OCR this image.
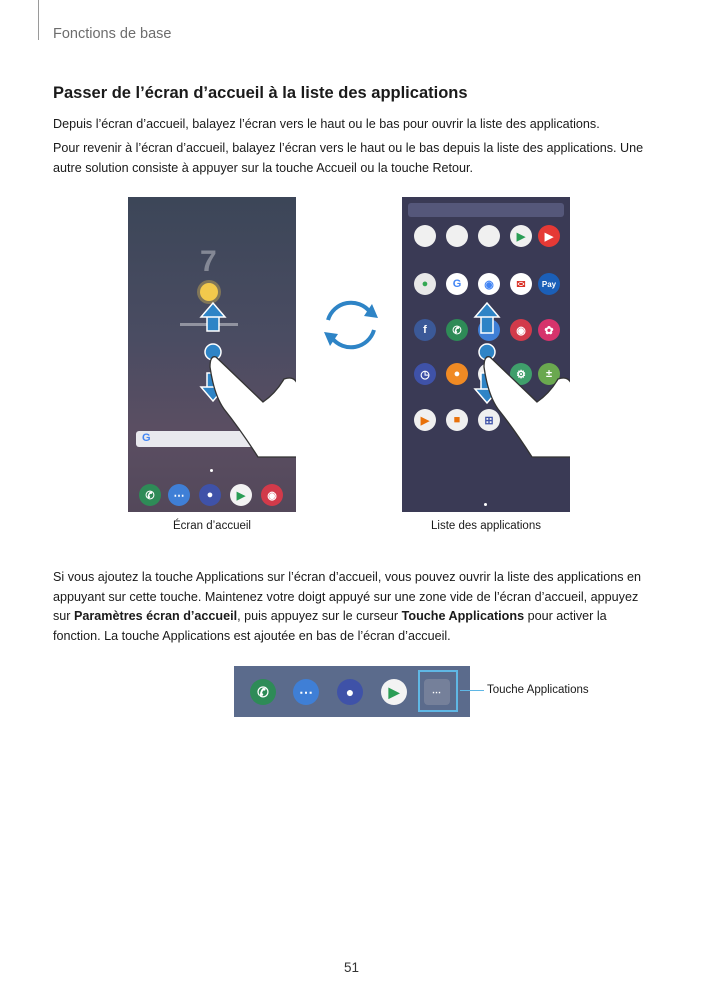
Fonctions de base
Passer de l’écran d’accueil à la liste des applications
Depuis l’écran d’accueil, balayez l’écran vers le haut ou le bas pour ouvrir la liste des applications.
Pour revenir à l’écran d’accueil, balayez l’écran vers le haut ou le bas depuis la liste des applications. Une autre solution consiste à appuyer sur la touche Accueil ou la touche Retour.
7
G
✆	⋯	●	▶	◉
▶	▶
●	G	◉	✉	Pay
f	✆	◉	✿
◷	●	⚙	±
▶	■	⊞
Écran d’accueil	Liste des applications
Si vous ajoutez la touche Applications sur l’écran d’accueil, vous pouvez ouvrir la liste des applications en appuyant sur cette touche. Maintenez votre doigt appuyé sur une zone vide de l’écran d’accueil, appuyez sur Paramètres écran d’accueil, puis appuyez sur le curseur Touche Applications pour activer la fonction. La touche Applications est ajoutée en bas de l’écran d’accueil.
✆	⋯	●	▶	⋯	Touche Applications
51
